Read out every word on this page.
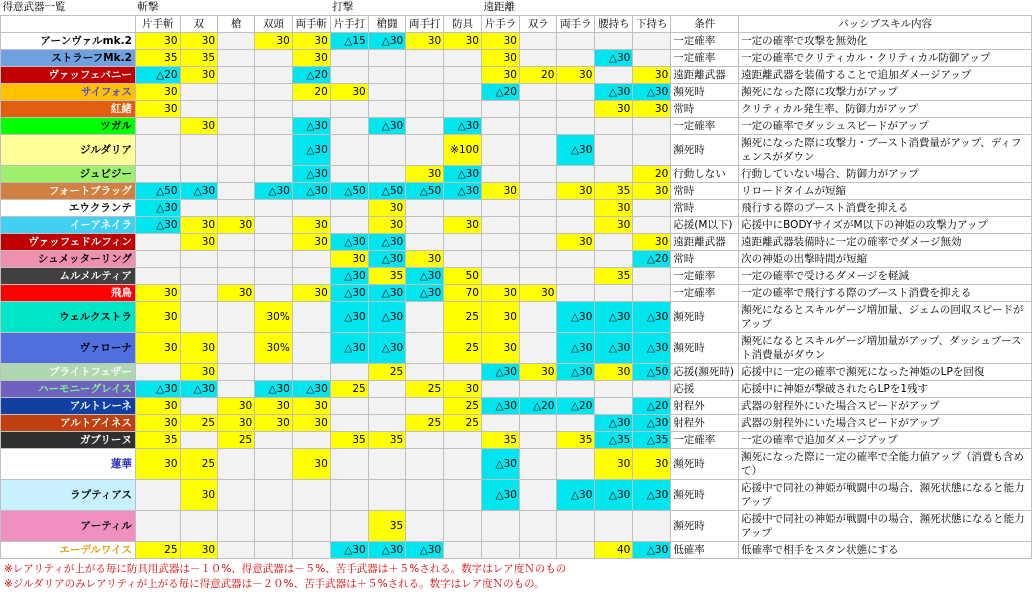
得意武器一覧	斬撃					打撃				遠距離						
	片手斬	双	槍	双頭	両手斬	片手打	槍闘	両手打	防具	片手ラ	双ラ	両手ラ	腰持ち	下持ち	条件	パッシブスキル内容
アーンヴァルmk.2	30	30		30	30	△15	△30	30	30	30					一定確率	一定の確率で攻撃を無効化
ストラーフMk.2	35	35			30					30			△30		一定確率	一定の確率でクリティカル・クリティカル防御アップ
ヴァッフェバニー	△20	30			△20					30	20	30		30	遠距離武器	遠距離武器を装備することで追加ダメージアップ
サイフォス	30				20	30				△20			△30	△30	瀕死時	瀕死になった際に攻撃力がアップ
紅緒	30												30	30	常時	クリティカル発生率、防御力がアップ
ツガル		30			△30		△30		△30						一定確率	一定の確率でダッシュスピードがアップ
ジルダリア					△30				※100			△30			瀕死時	瀕死になった際に攻撃力・ブースト消費量がアップ、ディフェンスがダウン
ジュビジー					△30			30	△30					20	行動しない	行動していない場合、防御力がアップ
フォートブラッグ	△50	△30		△30	△30	△50	△50	△50	△30	30		30	35	30	常時	リロードタイムが短縮
エウクランテ	△30						30						30		常時	飛行する際のブースト消費を抑える
イーアネイラ	△30	30	30		30		30		30				30		応援(M以下)	応援中にBODYサイズがM以下の神姫の攻撃力アップ
ヴァッフェドルフィン		30			30	△30	△30					30		30	遠距離武器	遠距離武器装備時に一定の確率でダメージ無効
シュメッターリング						30	△30	30						△20	常時	次の神姫の出撃時間が短縮
ムルメルティア						△30	35	△30	50				35		一定確率	一定の確率で受けるダメージを軽減
飛鳥	30		30		30	△30	△30	△30	70	30	30				一定確率	一定の確率で飛行する際のブースト消費を抑える
ウェルクストラ	30			30%		△30	△30		25	30		△30	△30	△30	瀕死時	瀕死になるとスキルゲージ増加量、ジェムの回収スピードがアップ
ヴァローナ	30	30		30%		△30	△30		25	30		△30	△30	△30	瀕死時	瀕死になるとスキルゲージ増加量がアップ、ダッシュブースト消費量がダウン
ブライトフェザー		30					25			△30	30	△30	30	△50	応援(瀕死時)	応援中に一定の確率で瀕死になった神姫のLPを回復
ハーモニーグレイス	△30	△30		△30	△30	25		25	30						応援	応援中に神姫が撃破されたらLPを1残す
アルトレーネ	30		30	30	30				25	△30	△20	△20		△20	射程外	武器の射程外にいた場合スピードがアップ
アルトアイネス	30	25	30	30	30			25	25				△30	△30	射程外	武器の射程外にいた場合スピードがアップ
ガブリーヌ	35		25			35	35			35		35	△35	△35	一定確率	一定の確率で追加ダメージアップ
蓮華	30	25			30					△30			30	30	瀕死時	瀕死になった際に一定の確率で全能力値アップ（消費も含めて）
ラプティアス		30								△30		△30	△30	△30	瀕死時	応援中で同社の神姫が戦闘中の場合、瀕死状態になると能力アップ
アーティル							35								瀕死時	応援中で同社の神姫が戦闘中の場合、瀕死状態になると能力アップ
エーデルワイス	25	30				△30	△30	△30					40	△30	低確率	低確率で相手をスタン状態にする
※レアリティが上がる毎に防具用武器は－１０%、得意武器は－５%、苦手武器は＋５%される。数字はレア度Ｎのもの
※ジルダリアのみレアリティが上がる毎に得意武器は－２０%、苦手武器は＋５%される。数字はレア度Ｎのもの。
